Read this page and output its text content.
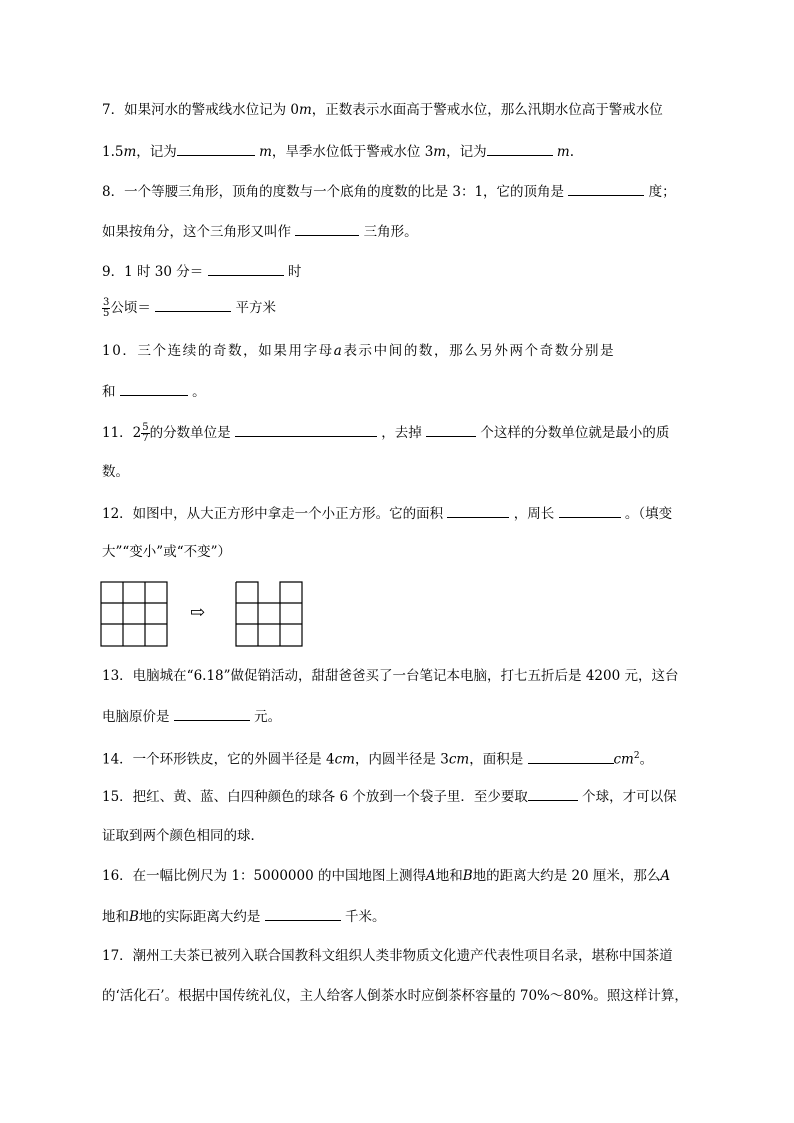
7．如果河水的警戒线水位记为 0m，正数表示水面高于警戒水位，那么汛期水位高于警戒水位
1.5m，记为	m，旱季水位低于警戒水位 3m，记为	m.
8．一个等腰三角形，顶角的度数与一个底角的度数的比是 3：1，它的顶角是	度；
如果按角分，这个三角形又叫作	三角形。
9．1 时 30 分＝	时
$\frac{3}{5}$ 公顷＝	平方米
10．三个连续的奇数，如果用字母a表示中间的数，那么另外两个奇数分别是
和	。
11．$2 \frac{5}{7}$ 的分数单位是	，去掉	个这样的分数单位就是最小的质
数。
12．如图中，从大正方形中拿走一个小正方形。它的面积	，周长	。（填变
大”“变小”或“不变”）
⇨
13．电脑城在“6.18”做促销活动，甜甜爸爸买了一台笔记本电脑，打七五折后是 4200 元，这台
电脑原价是	元。
14．一个环形铁皮，它的外圆半径是 4cm，内圆半径是 3cm，面积是	$cm^2$。
15．把红、黄、蓝、白四种颜色的球各 6 个放到一个袋子里．至少要取	个球，才可以保
证取到两个颜色相同的球．
16．在一幅比例尺为 1：5000000 的中国地图上测得A地和B地的距离大约是 20 厘米，那么A
地和B地的实际距离大约是	千米。
17．潮州工夫茶已被列入联合国教科文组织人类非物质文化遗产代表性项目名录，堪称中国茶道
的‘活化石’。根据中国传统礼仪，主人给客人倒茶水时应倒茶杯容量的 70%～80%。照这样计算，
